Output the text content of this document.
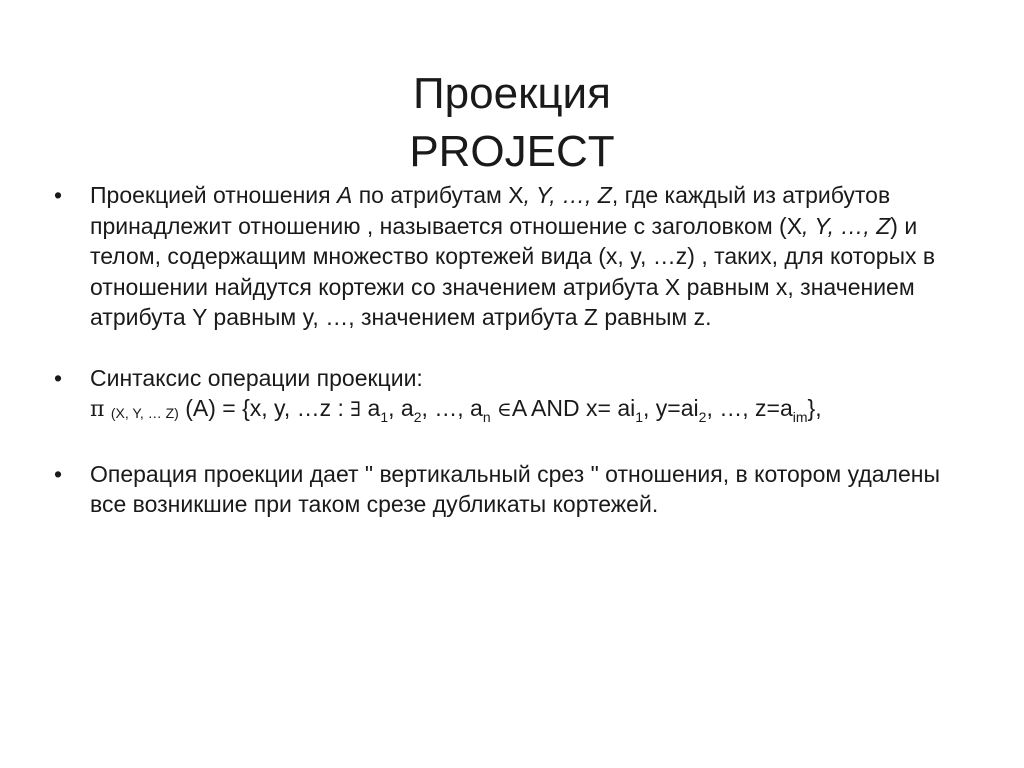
Проекция
PROJECT
• Проекцией отношения A по атрибутам X, Y, …, Z, где каждый из атрибутов принадлежит отношению , называется отношение с заголовком (X, Y, …, Z) и телом, содержащим множество кортежей вида (x, y, …z) , таких, для которых в отношении найдутся кортежи со значением атрибута X равным x, значением атрибута Y равным y, …, значением атрибута Z равным z.

• Синтаксис операции проекции:

π (X, Y, … Z) (A) = {x, y, …z : ∃ $a_1$, $a_2$, …, $a_n$ ∈A AND $x= ai_1$, $y=ai_2$, …, $z=a_{im}$},

• Операция проекции дает " вертикальный срез " отношения, в котором удалены все возникшие при таком срезе дубликаты кортежей.
